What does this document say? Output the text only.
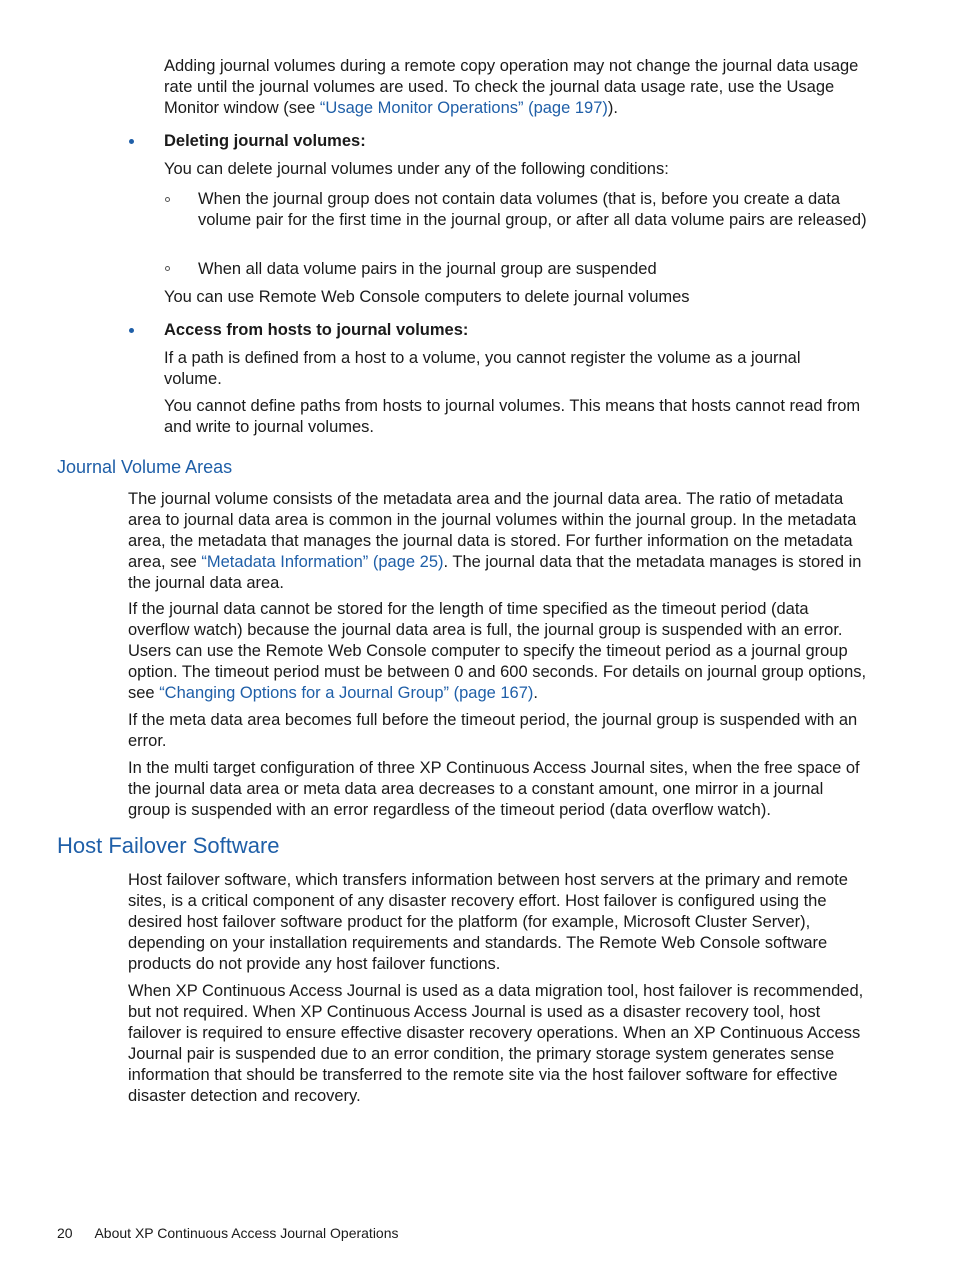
Adding journal volumes during a remote copy operation may not change the journal data usage rate until the journal volumes are used. To check the journal data usage rate, use the Usage Monitor window (see “Usage Monitor Operations” (page 197)).

Deleting journal volumes:

You can delete journal volumes under any of the following conditions:

When the journal group does not contain data volumes (that is, before you create a data volume pair for the first time in the journal group, or after all data volume pairs are released)

When all data volume pairs in the journal group are suspended

You can use Remote Web Console computers to delete journal volumes

Access from hosts to journal volumes:

If a path is defined from a host to a volume, you cannot register the volume as a journal volume.

You cannot define paths from hosts to journal volumes. This means that hosts cannot read from and write to journal volumes.

Journal Volume Areas

The journal volume consists of the metadata area and the journal data area. The ratio of metadata area to journal data area is common in the journal volumes within the journal group. In the metadata area, the metadata that manages the journal data is stored. For further information on the metadata area, see “Metadata Information” (page 25). The journal data that the metadata manages is stored in the journal data area.

If the journal data cannot be stored for the length of time specified as the timeout period (data overflow watch) because the journal data area is full, the journal group is suspended with an error. Users can use the Remote Web Console computer to specify the timeout period as a journal group option. The timeout period must be between 0 and 600 seconds. For details on journal group options, see “Changing Options for a Journal Group” (page 167).

If the meta data area becomes full before the timeout period, the journal group is suspended with an error.

In the multi target configuration of three XP Continuous Access Journal sites, when the free space of the journal data area or meta data area decreases to a constant amount, one mirror in a journal group is suspended with an error regardless of the timeout period (data overflow watch).

Host Failover Software

Host failover software, which transfers information between host servers at the primary and remote sites, is a critical component of any disaster recovery effort. Host failover is configured using the desired host failover software product for the platform (for example, Microsoft Cluster Server), depending on your installation requirements and standards. The Remote Web Console software products do not provide any host failover functions.

When XP Continuous Access Journal is used as a data migration tool, host failover is recommended, but not required. When XP Continuous Access Journal is used as a disaster recovery tool, host failover is required to ensure effective disaster recovery operations. When an XP Continuous Access Journal pair is suspended due to an error condition, the primary storage system generates sense information that should be transferred to the remote site via the host failover software for effective disaster detection and recovery.

20 About XP Continuous Access Journal Operations
